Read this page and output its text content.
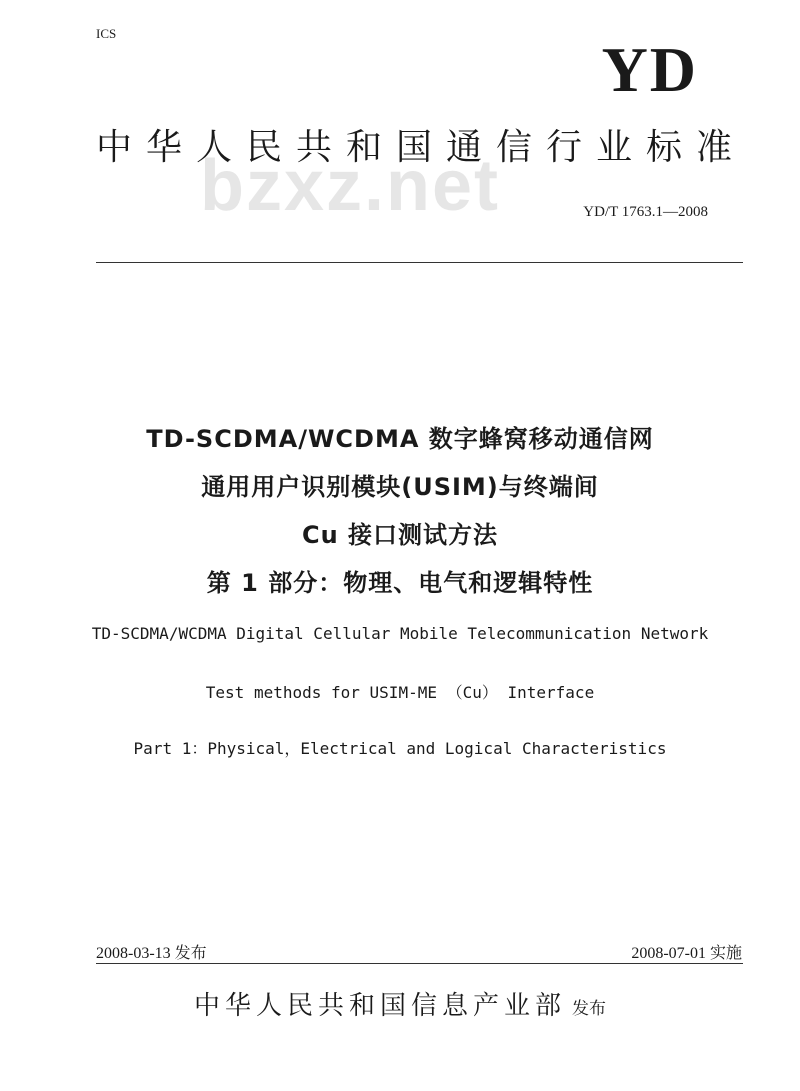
ICS
YD
bzxz.net
中华人民共和国通信行业标准
YD/T 1763.1—2008
TD-SCDMA/WCDMA 数字蜂窝移动通信网
通用用户识别模块(USIM)与终端间
Cu 接口测试方法
第 1 部分：物理、电气和逻辑特性
TD-SCDMA/WCDMA Digital Cellular Mobile Telecommunication Network
Test methods for USIM-ME （Cu） Interface
Part 1：Physical，Electrical and Logical Characteristics
2008-03-13 发布	2008-07-01 实施
中华人民共和国信息产业部 发布
